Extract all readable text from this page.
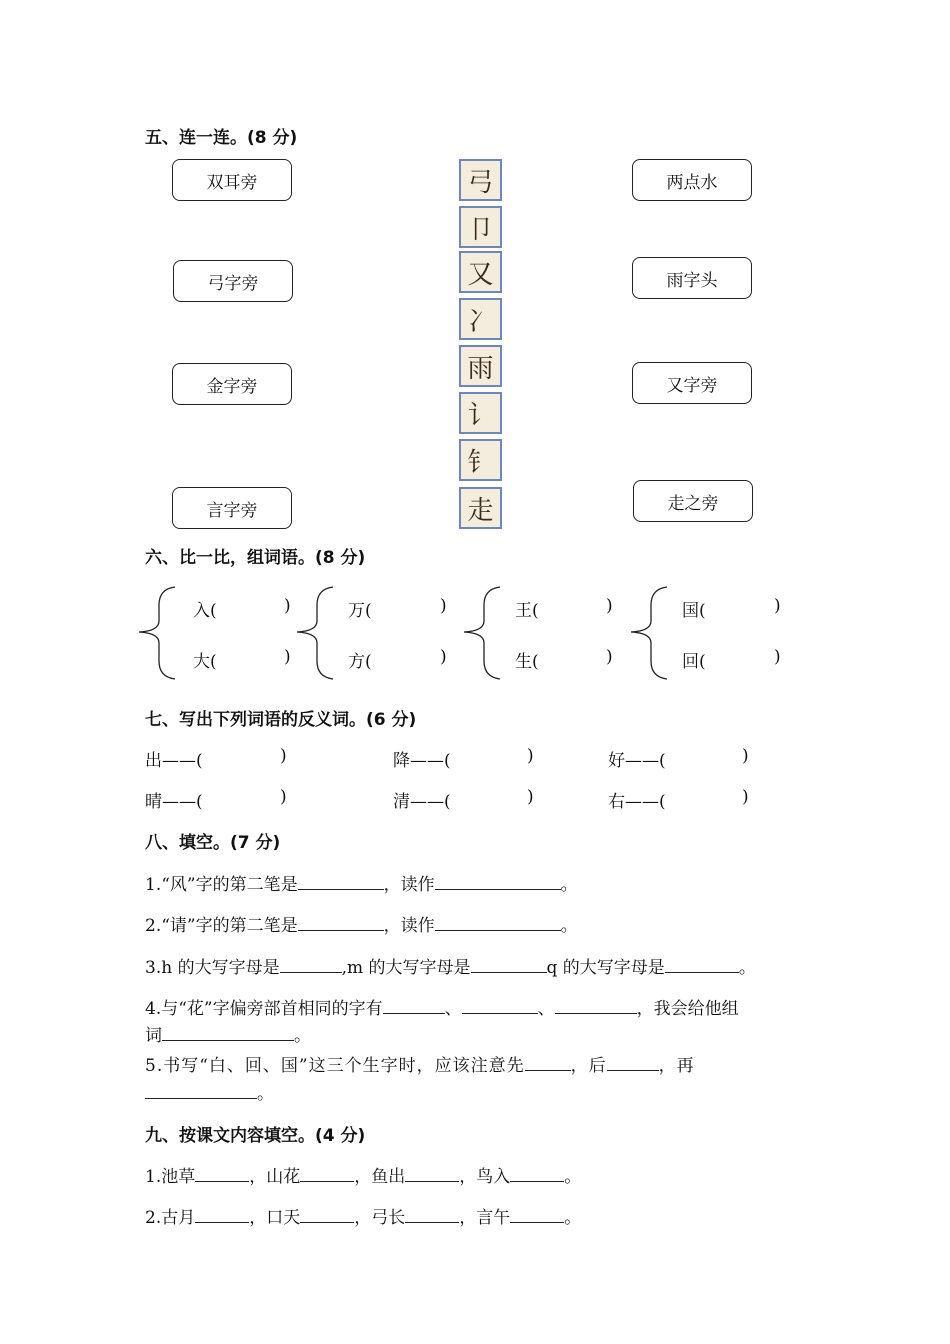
五、连一连。(8 分)
双耳旁
弓字旁
金字旁
言字旁
弓
卩
又
冫
雨
讠
钅
走
两点水
雨字头
又字旁
走之旁
六、比一比，组词语。(8 分)
入(	)
大(	)
万(	)
方(	)
王(	)
生(	)
国(	)
回(	)
七、写出下列词语的反义词。(6 分)
出——(	)	降——(	)	好——(	)
晴——(	)	清——(	)	右——(	)
八、填空。(7 分)
1.“风”字的第二笔是	，读作	。
2.“请”字的第二笔是	，读作	。
3.h 的大写字母是	,m 的大写字母是	q 的大写字母是	。
4.与“花”字偏旁部首相同的字有	、	、	，我会给他组
词	。
5.书写“白、回、国”这三个生字时，应该注意先	，后	，再
。
九、按课文内容填空。(4 分)
1.池草	，山花	，鱼出	，鸟入	。
2.古月	，口天	，弓长	，言午	。
